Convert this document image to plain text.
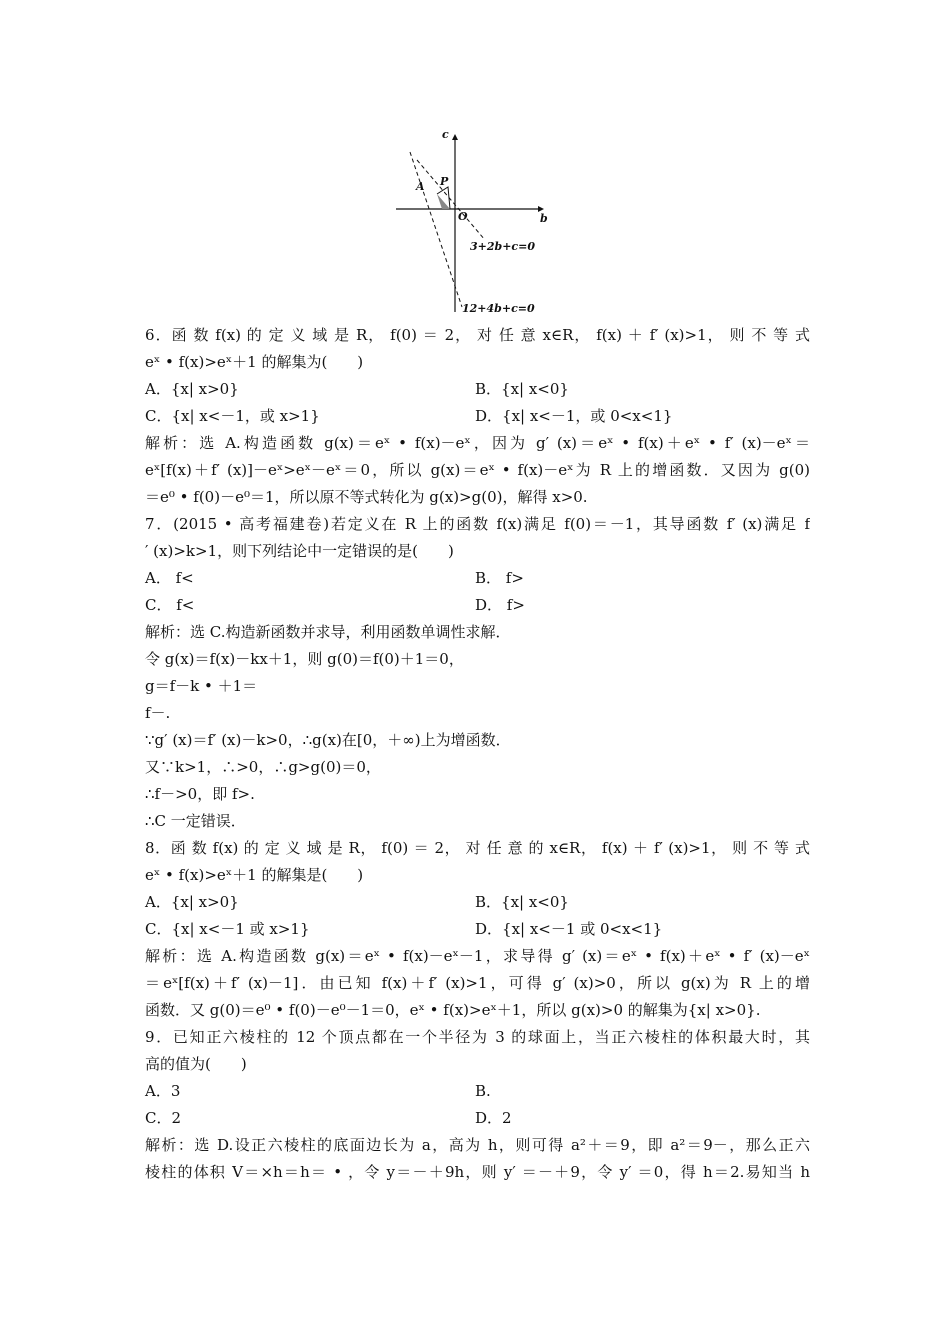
c
b
O
A P
3+2b+c=0
12+4b+c=0
6．函 数 f(x) 的 定 义 域 是 R， f(0) ＝ 2， 对 任 意 x∈R， f(x) ＋ f′ (x)>1， 则 不 等 式
eˣ • f(x)>eˣ＋1 的解集为(　　)
A．{x| x>0}	B．{x| x<0}
C．{x| x<－1，或 x>1}	D．{x| x<－1，或 0<x<1}
解析：选 A.构造函数 g(x)＝eˣ • f(x)－eˣ，因为 g′ (x)＝eˣ • f(x)＋eˣ • f′ (x)－eˣ＝
eˣ[f(x)＋f′ (x)]－eˣ>eˣ－eˣ＝0，所以 g(x)＝eˣ • f(x)－eˣ为 R 上的增函数．又因为 g(0)
＝e⁰ • f(0)－e⁰＝1，所以原不等式转化为 g(x)>g(0)，解得 x>0.
7．(2015 • 高考福建卷)若定义在 R 上的函数 f(x)满足 f(0)＝－1，其导函数 f′ (x)满足 f
′ (x)>k>1，则下列结论中一定错误的是(　　)
A． f<	B． f>
C． f<	D． f>
解析：选 C.构造新函数并求导，利用函数单调性求解．
令 g(x)＝f(x)－kx＋1，则 g(0)＝f(0)＋1＝0，
g＝f－k • ＋1＝
f－.
∵g′ (x)＝f′ (x)－k>0，∴g(x)在[0，＋∞)上为增函数．
又∵k>1，∴>0，∴g>g(0)＝0，
∴f－>0，即 f>.
∴C 一定错误．
8．函 数 f(x) 的 定 义 域 是 R， f(0) ＝ 2， 对 任 意 的 x∈R， f(x) ＋ f′ (x)>1， 则 不 等 式
eˣ • f(x)>eˣ＋1 的解集是(　　)
A．{x| x>0}	B．{x| x<0}
C．{x| x<－1 或 x>1}	D．{x| x<－1 或 0<x<1}
解析：选 A.构造函数 g(x)＝eˣ • f(x)－eˣ－1，求导得 g′ (x)＝eˣ • f(x)＋eˣ • f′ (x)－eˣ
＝eˣ[f(x)＋f′ (x)－1]．由已知 f(x)＋f′ (x)>1，可得 g′ (x)>0，所以 g(x)为 R 上的增
函数．又 g(0)＝e⁰ • f(0)－e⁰－1＝0，eˣ • f(x)>eˣ＋1，所以 g(x)>0 的解集为{x| x>0}.
9．已知正六棱柱的 12 个顶点都在一个半径为 3 的球面上，当正六棱柱的体积最大时，其
高的值为(　　)
A．3	B.
C．2	D．2
解析：选 D.设正六棱柱的底面边长为 a，高为 h，则可得 a²＋＝9，即 a²＝9－，那么正六
棱柱的体积 V＝×h＝h＝ • ，令 y＝－＋9h，则 y′ ＝－＋9，令 y′ ＝0，得 h＝2.易知当 h
